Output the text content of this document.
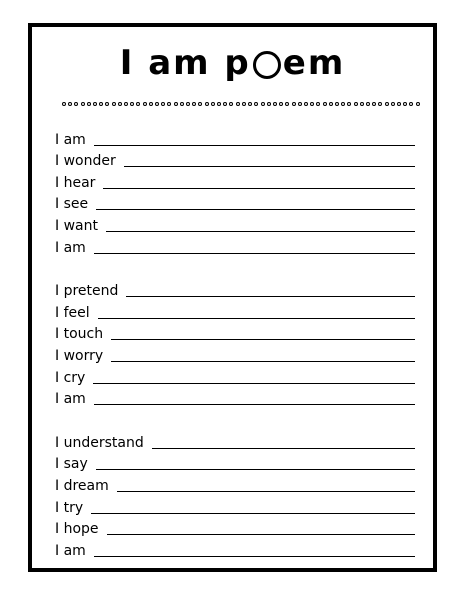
I am p em
I am
I wonder
I hear
I see
I want
I am
I pretend
I feel
I touch
I worry
I cry
I am
I understand
I say
I dream
I try
I hope
I am
